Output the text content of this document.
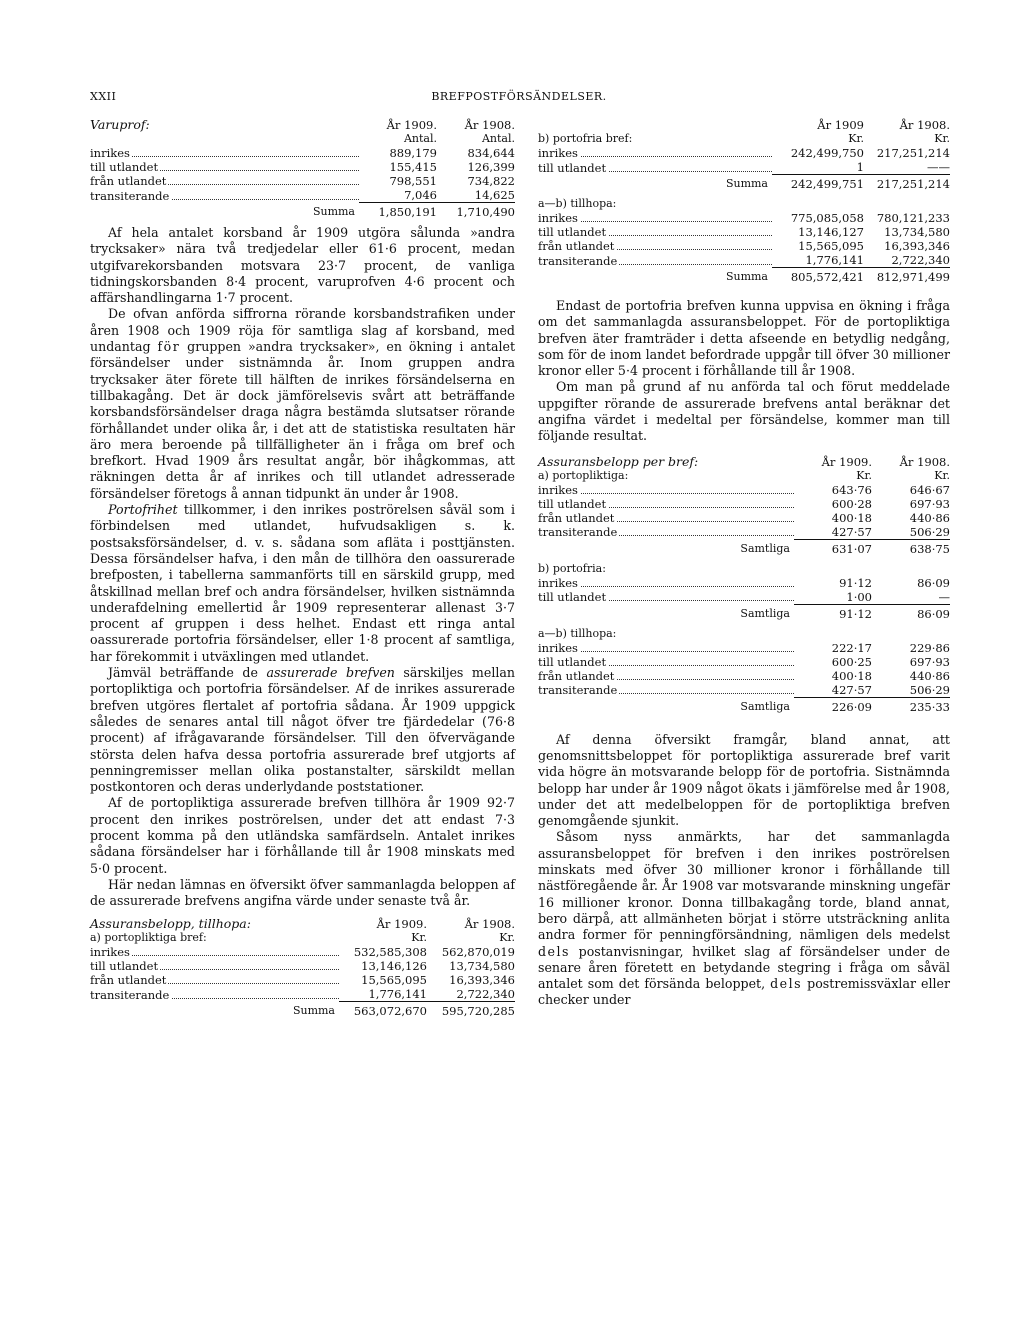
XXII	BREFPOSTFÖRSÄNDELSER.
Varuprof:	År 1909.	År 1908.
	Antal.	Antal.
inrikes	889,179	834,644
till utlandet	155,415	126,399
från utlandet	798,551	734,822
transiterande	7,046	14,625
Summa	1,850,191	1,710,490

Af hela antalet korsband år 1909 utgöra sålunda »andra trycksaker» nära två tredjedelar eller 61·6 procent, medan utgifvarekorsbanden motsvara 23·7 procent, de vanliga tidningskorsbanden 8·4 procent, varuprofven 4·6 procent och affärshandlingarna 1·7 procent.

De ofvan anförda siffrorna rörande korsbandstrafiken under åren 1908 och 1909 röja för samtliga slag af korsband, med undantag för gruppen »andra trycksaker», en ökning i antalet försändelser under sistnämnda år. Inom gruppen andra trycksaker äter förete till hälften de inrikes försändelserna en tillbakagång. Det är dock jämförelsevis svårt att beträffande korsbandsförsändelser draga några bestämda slutsatser rörande förhållandet under olika år, i det att de statistiska resultaten här äro mera beroende på tillfälligheter än i fråga om bref och brefkort. Hvad 1909 års resultat angår, bör ihågkommas, att räkningen detta år af inrikes och till utlandet adresserade försändelser företogs å annan tidpunkt än under år 1908.

Portofrihet tillkommer, i den inrikes poströrelsen såväl som i förbindelsen med utlandet, hufvudsakligen s. k. postsaksförsändelser, d. v. s. sådana som afläta i posttjänsten. Dessa försändelser hafva, i den mån de tillhöra den oassurerade brefposten, i tabellerna sammanförts till en särskild grupp, med åtskillnad mellan bref och andra försändelser, hvilken sistnämnda underafdelning emellertid år 1909 representerar allenast 3·7 procent af gruppen i dess helhet. Endast ett ringa antal oassurerade portofria försändelser, eller 1·8 procent af samtliga, har förekommit i utväxlingen med utlandet.

Jämväl beträffande de assurerade brefven särskiljes mellan portopliktiga och portofria försändelser. Af de inrikes assurerade brefven utgöres flertalet af portofria sådana. År 1909 uppgick således de senares antal till något öfver tre fjärdedelar (76·8 procent) af ifrågavarande försändelser. Till den öfvervägande största delen hafva dessa portofria assurerade bref utgjorts af penningremisser mellan olika postanstalter, särskildt mellan postkontoren och deras underlydande poststationer.

Af de portopliktiga assurerade brefven tillhöra år 1909 92·7 procent den inrikes poströrelsen, under det att endast 7·3 procent komma på den utländska samfärdseln. Antalet inrikes sådana försändelser har i förhållande till år 1908 minskats med 5·0 procent.

Här nedan lämnas en öfversikt öfver sammanlagda beloppen af de assurerade brefvens angifna värde under senaste två år.

Assuransbelopp, tillhopa:	År 1909.	År 1908.
a) portopliktiga bref:	Kr.	Kr.
inrikes	532,585,308	562,870,019
till utlandet	13,146,126	13,734,580
från utlandet	15,565,095	16,393,346
transiterande	1,776,141	2,722,340
Summa	563,072,670	595,720,285
	År 1909	År 1908.
b) portofria bref:	Kr.	Kr.
inrikes	242,499,750	217,251,214
till utlandet	1	——
Summa	242,499,751	217,251,214
a—b) tillhopa:		
inrikes	775,085,058	780,121,233
till utlandet	13,146,127	13,734,580
från utlandet	15,565,095	16,393,346
transiterande	1,776,141	2,722,340
Summa	805,572,421	812,971,499

Endast de portofria brefven kunna uppvisa en ökning i fråga om det sammanlagda assuransbeloppet. För de portopliktiga brefven äter framträder i detta afseende en betydlig nedgång, som för de inom landet befordrade uppgår till öfver 30 millioner kronor eller 5·4 procent i förhållande till år 1908.

Om man på grund af nu anförda tal och förut meddelade uppgifter rörande de assurerade brefvens antal beräknar det angifna värdet i medeltal per försändelse, kommer man till följande resultat.

Assuransbelopp per bref:	År 1909.	År 1908.
a) portopliktiga:	Kr.	Kr.
inrikes	643·76	646·67
till utlandet	600·28	697·93
från utlandet	400·18	440·86
transiterande	427·57	506·29
Samtliga	631·07	638·75
b) portofria:		
inrikes	91·12	86·09
till utlandet	1·00	—
Samtliga	91·12	86·09
a—b) tillhopa:		
inrikes	222·17	229·86
till utlandet	600·25	697·93
från utlandet	400·18	440·86
transiterande	427·57	506·29
Samtliga	226·09	235·33

Af denna öfversikt framgår, bland annat, att genomsnittsbeloppet för portopliktiga assurerade bref varit vida högre än motsvarande belopp för de portofria. Sistnämnda belopp har under år 1909 något ökats i jämförelse med år 1908, under det att medelbeloppen för de portopliktiga brefven genomgående sjunkit.

Såsom nyss anmärkts, har det sammanlagda assuransbeloppet för brefven i den inrikes poströrelsen minskats med öfver 30 millioner kronor i förhållande till nästföregående år. År 1908 var motsvarande minskning ungefär 16 millioner kronor. Donna tillbakagång torde, bland annat, bero därpå, att allmänheten börjat i större utsträckning anlita andra former för penningförsändning, nämligen dels medelst dels postanvisningar, hvilket slag af försändelser under de senare åren företett en betydande stegring i fråga om såväl antalet som det försända beloppet, dels postremissväxlar eller checker under
